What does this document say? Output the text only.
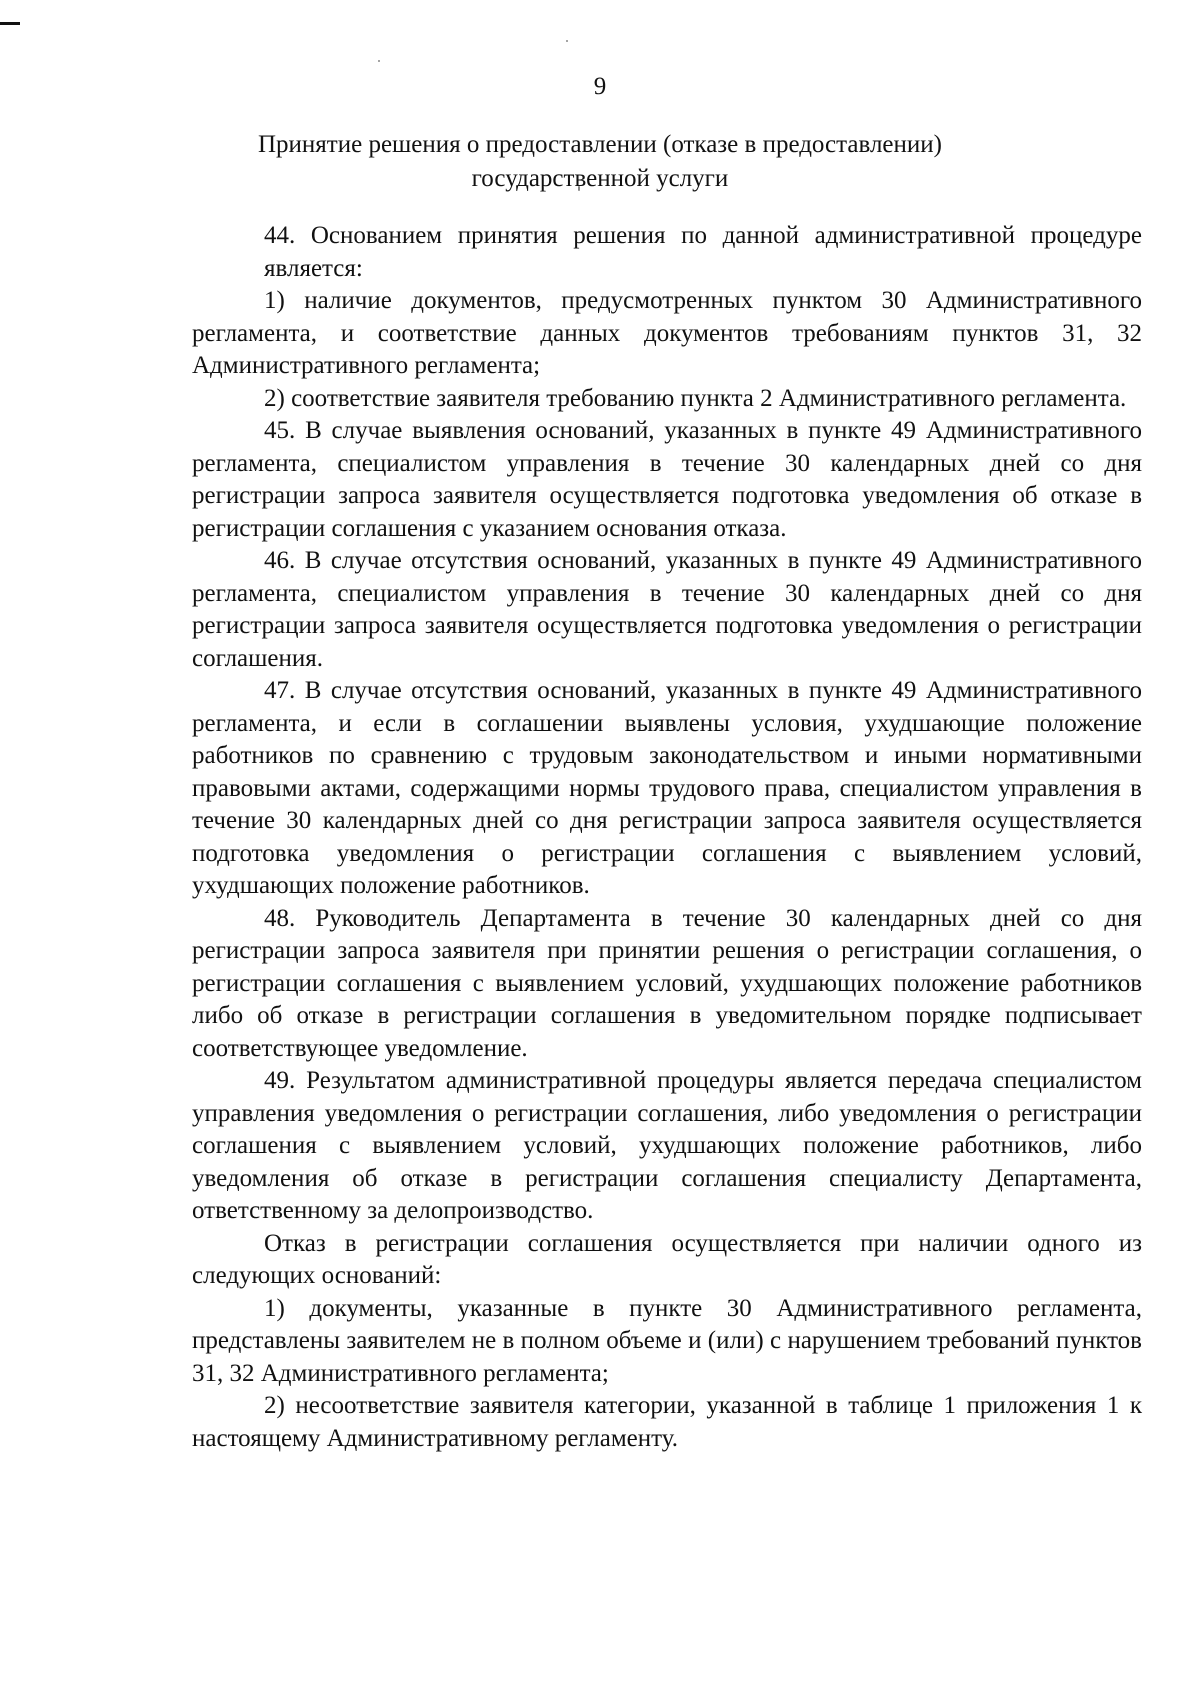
9
Принятие решения о предоставлении (отказе в предоставлении)
государственной услуги

44. Основанием принятия решения по данной административной процедуре является:

1) наличие документов, предусмотренных пунктом 30 Административного регламента, и соответствие данных документов требованиям пунктов 31, 32 Административного регламента;

2) соответствие заявителя требованию пункта 2 Административного регламента.

45. В случае выявления оснований, указанных в пункте 49 Административного регламента, специалистом управления в течение 30 календарных дней со дня регистрации запроса заявителя осуществляется подготовка уведомления об отказе в регистрации соглашения с указанием основания отказа.

46. В случае отсутствия оснований, указанных в пункте 49 Административного регламента, специалистом управления в течение 30 календарных дней со дня регистрации запроса заявителя осуществляется подготовка уведомления о регистрации соглашения.

47. В случае отсутствия оснований, указанных в пункте 49 Административного регламента, и если в соглашении выявлены условия, ухудшающие положение работников по сравнению с трудовым законодательством и иными нормативными правовыми актами, содержащими нормы трудового права, специалистом управления в течение 30 календарных дней со дня регистрации запроса заявителя осуществляется подготовка уведомления о регистрации соглашения с выявлением условий, ухудшающих положение работников.

48. Руководитель Департамента в течение 30 календарных дней со дня регистрации запроса заявителя при принятии решения о регистрации соглашения, о регистрации соглашения с выявлением условий, ухудшающих положение работников либо об отказе в регистрации соглашения в уведомительном порядке подписывает соответствующее уведомление.

49. Результатом административной процедуры является передача специалистом управления уведомления о регистрации соглашения, либо уведомления о регистрации соглашения с выявлением условий, ухудшающих положение работников, либо уведомления об отказе в регистрации соглашения специалисту Департамента, ответственному за делопроизводство.

Отказ в регистрации соглашения осуществляется при наличии одного из следующих оснований:

1) документы, указанные в пункте 30 Административного регламента, представлены заявителем не в полном объеме и (или) с нарушением требований пунктов 31, 32 Административного регламента;

2) несоответствие заявителя категории, указанной в таблице 1 приложения 1 к настоящему Административному регламенту.
